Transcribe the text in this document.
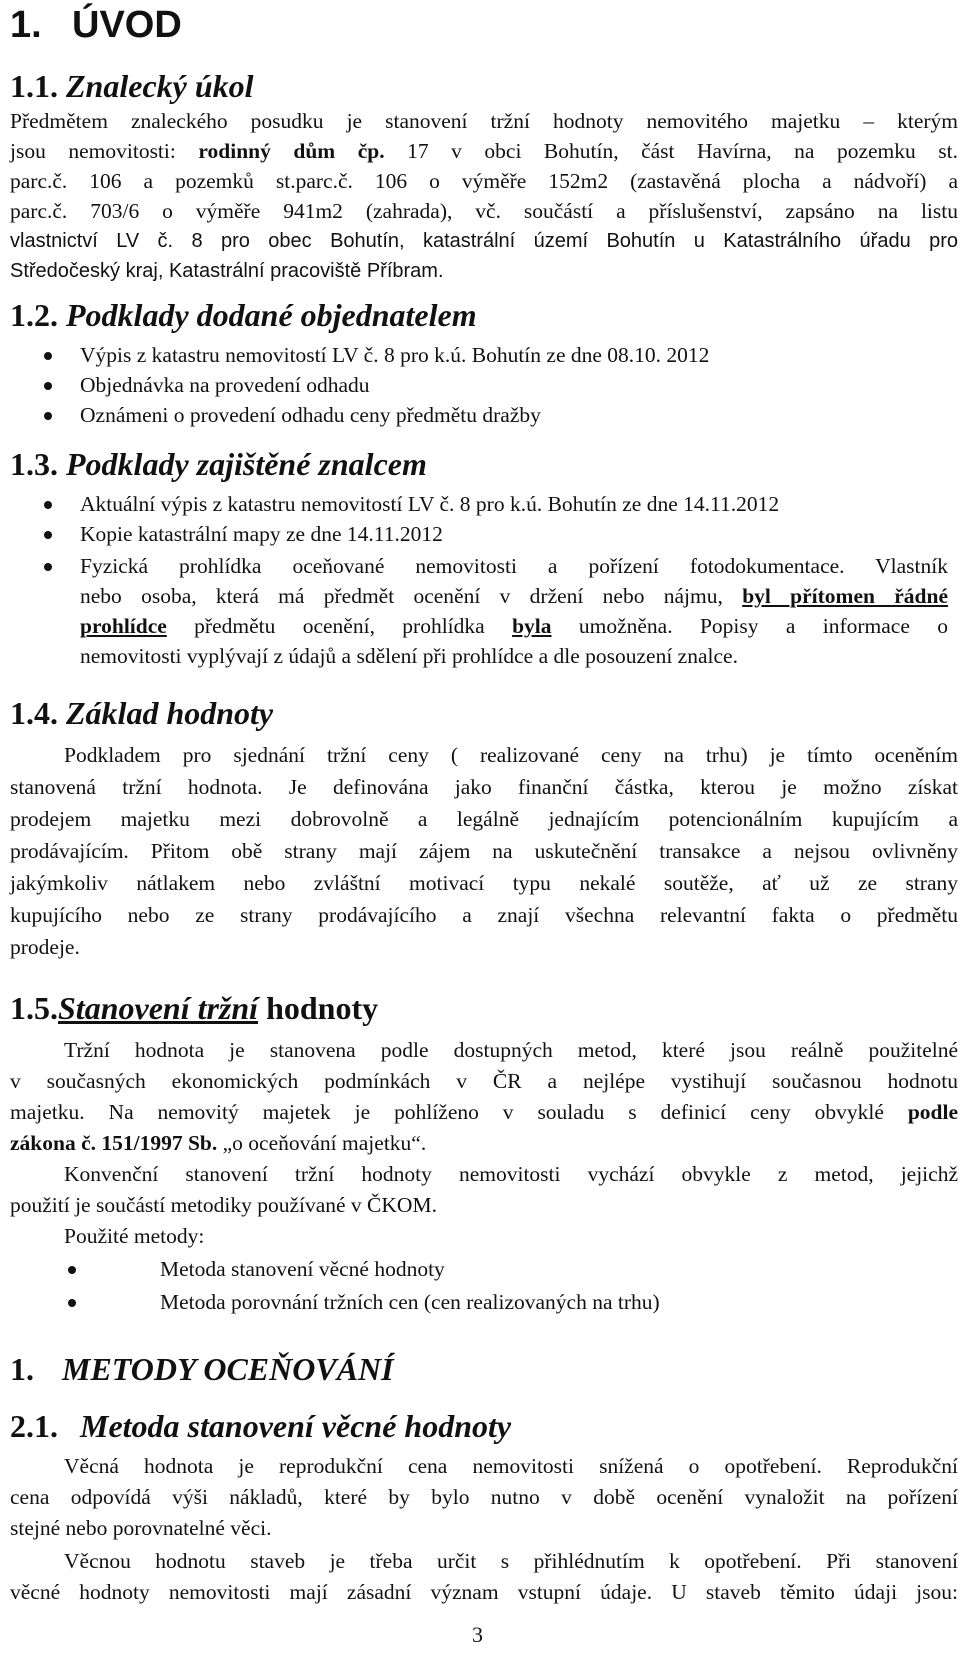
1. ÚVOD
1.1. Znalecký úkol
Předmětem znaleckého posudku je stanovení tržní hodnoty nemovitého majetku – kterým
jsou nemovitosti: rodinný dům čp. 17 v obci Bohutín, část Havírna, na pozemku st.
parc.č. 106 a pozemků st.parc.č. 106 o výměře 152m2 (zastavěná plocha a nádvoří) a
parc.č. 703/6 o výměře 941m2 (zahrada), vč. součástí a příslušenství, zapsáno na listu
vlastnictví LV č. 8 pro obec Bohutín, katastrální území Bohutín u Katastrálního úřadu pro
Středočeský kraj, Katastrální pracoviště Příbram.
1.2. Podklady dodané objednatelem
Výpis z katastru nemovitostí LV č. 8 pro k.ú. Bohutín ze dne 08.10. 2012
Objednávka na provedení odhadu
Oznámeni o provedení odhadu ceny předmětu dražby
1.3. Podklady zajištěné znalcem
Aktuální výpis z katastru nemovitostí LV č. 8 pro k.ú. Bohutín ze dne 14.11.2012
Kopie katastrální mapy ze dne 14.11.2012
Fyzická prohlídka oceňované nemovitosti a pořízení fotodokumentace. Vlastník
nebo osoba, která má předmět ocenění v držení nebo nájmu, byl přítomen řádné
prohlídce předmětu ocenění, prohlídka byla umožněna. Popisy a informace o
nemovitosti vyplývají z údajů a sdělení při prohlídce a dle posouzení znalce.
1.4. Základ hodnoty
Podkladem pro sjednání tržní ceny ( realizované ceny na trhu) je tímto oceněním
stanovená tržní hodnota. Je definována jako finanční částka, kterou je možno získat
prodejem majetku mezi dobrovolně a legálně jednajícím potencionálním kupujícím a
prodávajícím. Přitom obě strany mají zájem na uskutečnění transakce a nejsou ovlivněny
jakýmkoliv nátlakem nebo zvláštní motivací typu nekalé soutěže, ať už ze strany
kupujícího nebo ze strany prodávajícího a znají všechna relevantní fakta o předmětu
prodeje.
1.5.Stanovení tržní hodnoty
Tržní hodnota je stanovena podle dostupných metod, které jsou reálně použitelné
v současných ekonomických podmínkách v ČR a nejlépe vystihují současnou hodnotu
majetku. Na nemovitý majetek je pohlíženo v souladu s definicí ceny obvyklé podle
zákona č. 151/1997 Sb. „o oceňování majetku“.
Konvenční stanovení tržní hodnoty nemovitosti vychází obvykle z metod, jejichž
použití je součástí metodiky používané v ČKOM.
Použité metody:
Metoda stanovení věcné hodnoty
Metoda porovnání tržních cen (cen realizovaných na trhu)
1. METODY OCEŇOVÁNÍ
2.1. Metoda stanovení věcné hodnoty
Věcná hodnota je reprodukční cena nemovitosti snížená o opotřebení. Reprodukční
cena odpovídá výši nákladů, které by bylo nutno v době ocenění vynaložit na pořízení
stejné nebo porovnatelné věci.
Věcnou hodnotu staveb je třeba určit s přihlédnutím k opotřebení. Při stanovení
věcné hodnoty nemovitosti mají zásadní význam vstupní údaje. U staveb těmito údaji jsou:
3
